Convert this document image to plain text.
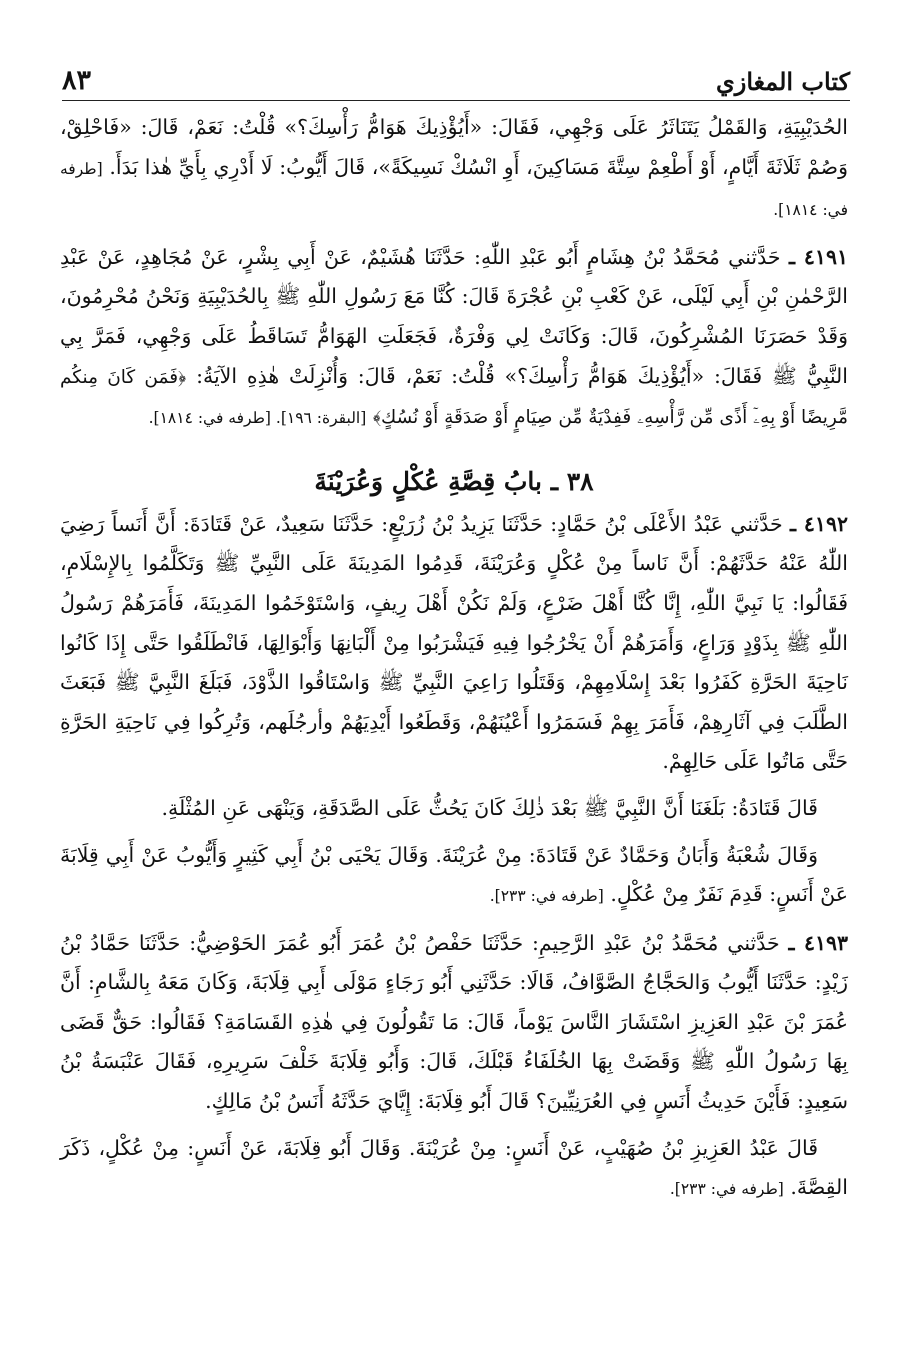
٨٣	كتاب المغازي

الحُدَيْبِيَةِ، وَالقَمْلُ يَتَنَاثَرُ عَلَى وَجْهِي، فَقَالَ: «أَيُؤْذِيكَ هَوَامُّ رَأْسِكَ؟» قُلْتُ: نَعَمْ، قَالَ: «فَاحْلِقْ، وَصُمْ ثَلَاثَةَ أَيَّامٍ، أَوْ أَطْعِمْ سِتَّةَ مَسَاكِينَ، أَوِ انْسُكْ نَسِيكَةً»، قَالَ أَيُّوبُ: لَا أَدْرِي بِأَيِّ هٰذا بَدَأَ. [طرفه في: ١٨١٤].

٤١٩١ ـ حَدَّثني مُحَمَّدُ بْنُ هِشَامٍ أَبُو عَبْدِ اللّٰهِ: حَدَّثَنَا هُشَيْمٌ، عَنْ أَبِي بِشْرٍ، عَنْ مُجَاهِدٍ، عَنْ عَبْدِ الرَّحْمٰنِ بْنِ أَبِي لَيْلَى، عَنْ كَعْبِ بْنِ عُجْرَةَ قَالَ: كُنَّا مَعَ رَسُولِ اللّٰهِ ﷺ بِالحُدَيْبِيَةِ وَنَحْنُ مُحْرِمُونَ، وَقَدْ حَصَرَنَا المُشْرِكُونَ، قَالَ: وَكَانَتْ لِي وَفْرَةٌ، فَجَعَلَتِ الهَوَامُّ تَسَاقَطُ عَلَى وَجْهِي، فَمَرَّ بِي النَّبِيُّ ﷺ فَقَالَ: «أَيُؤْذِيكَ هَوَامُّ رَأْسِكَ؟» قُلْتُ: نَعَمْ، قَالَ: وَأُنْزِلَتْ هٰذِهِ الآيَةُ: ﴿فَمَن كَانَ مِنكُم مَّرِيضًا أَوْ بِهِۦٓ أَذًى مِّن رَّأْسِهِۦ فَفِدْيَةٌ مِّن صِيَامٍ أَوْ صَدَقَةٍ أَوْ نُسُكٍ﴾ [البقرة: ١٩٦]. [طرفه في: ١٨١٤].

٣٨ ـ بابُ قِصَّةِ عُكْلٍ وَعُرَيْنَةَ

٤١٩٢ ـ حَدَّثني عَبْدُ الأَعْلَى بْنُ حَمَّادٍ: حَدَّثَنَا يَزِيدُ بْنُ زُرَيْعٍ: حَدَّثَنَا سَعِيدٌ، عَنْ قَتَادَةَ: أَنَّ أَنَساً رَضِيَ اللّٰهُ عَنْهُ حَدَّثَهُمْ: أَنَّ نَاساً مِنْ عُكْلٍ وَعُرَيْنَةَ، قَدِمُوا المَدِينَةَ عَلَى النَّبِيِّ ﷺ وَتَكَلَّمُوا بِالإِسْلَامِ، فَقَالُوا: يَا نَبِيَّ اللّٰهِ، إِنَّا كُنَّا أَهْلَ ضَرْعٍ، وَلَمْ نَكُنْ أَهْلَ رِيفٍ، وَاسْتَوْخَمُوا المَدِينَةَ، فَأَمَرَهُمْ رَسُولُ اللّٰهِ ﷺ بِذَوْدٍ وَرَاعٍ، وَأَمَرَهُمْ أَنْ يَخْرُجُوا فِيهِ فَيَشْرَبُوا مِنْ أَلْبَانِهَا وَأَبْوَالِهَا، فَانْطَلَقُوا حَتَّى إِذَا كَانُوا نَاحِيَةَ الحَرَّةِ كَفَرُوا بَعْدَ إِسْلَامِهِمْ، وَقَتَلُوا رَاعِيَ النَّبِيِّ ﷺ وَاسْتَاقُوا الذَّوْدَ، فَبَلَغَ النَّبِيَّ ﷺ فَبَعَثَ الطَّلَبَ فِي آثَارِهِمْ، فَأَمَرَ بِهِمْ فَسَمَرُوا أَعْيُنَهُمْ، وَقَطَعُوا أَيْدِيَهُمْ وأرجُلَهم، وَتُرِكُوا فِي نَاحِيَةِ الحَرَّةِ حَتَّى مَاتُوا عَلَى حَالِهِمْ.

قَالَ قَتَادَةُ: بَلَغَنَا أَنَّ النَّبِيَّ ﷺ بَعْدَ ذٰلِكَ كَانَ يَحُثُّ عَلَى الصَّدَقَةِ، وَيَنْهَى عَنِ المُثْلَةِ.

وَقَالَ شُعْبَةُ وَأَبَانُ وَحَمَّادٌ عَنْ قَتَادَةَ: مِنْ عُرَيْنَةَ. وَقَالَ يَحْيَى بْنُ أَبِي كَثِيرٍ وَأَيُّوبُ عَنْ أَبِي قِلَابَةَ عَنْ أَنَسٍ: قَدِمَ نَفَرٌ مِنْ عُكْلٍ. [طرفه في: ٢٣٣].

٤١٩٣ ـ حَدَّثني مُحَمَّدُ بْنُ عَبْدِ الرَّحِيمِ: حَدَّثَنَا حَفْصُ بْنُ عُمَرَ أَبُو عُمَرَ الحَوْضِيُّ: حَدَّثَنَا حَمَّادُ بْنُ زَيْدٍ: حَدَّثَنَا أَيُّوبُ وَالحَجَّاجُ الصَّوَّافُ، قَالَا: حَدَّثَنِي أَبُو رَجَاءٍ مَوْلَى أَبِي قِلَابَةَ، وَكَانَ مَعَهُ بِالشَّامِ: أَنَّ عُمَرَ بْنَ عَبْدِ العَزِيزِ اسْتَشَارَ النَّاسَ يَوْماً، قَالَ: مَا تَقُولُونَ فِي هٰذِهِ القَسَامَةِ؟ فَقَالُوا: حَقٌّ قَضَى بِهَا رَسُولُ اللّٰهِ ﷺ وَقَضَتْ بِهَا الخُلَفَاءُ قَبْلَكَ، قَالَ: وَأَبُو قِلَابَةَ خَلْفَ سَرِيرِهِ، فَقَالَ عَنْبَسَةُ بْنُ سَعِيدٍ: فَأَيْنَ حَدِيثُ أَنَسٍ فِي العُرَنِيِّينَ؟ قَالَ أَبُو قِلَابَةَ: إِيَّايَ حَدَّثَهُ أَنَسُ بْنُ مَالِكٍ.

قَالَ عَبْدُ العَزِيزِ بْنُ صُهَيْبٍ، عَنْ أَنَسٍ: مِنْ عُرَيْنَةَ. وَقَالَ أَبُو قِلَابَةَ، عَنْ أَنَسٍ: مِنْ عُكْلٍ، ذَكَرَ القِصَّةَ. [طرفه في: ٢٣٣].
